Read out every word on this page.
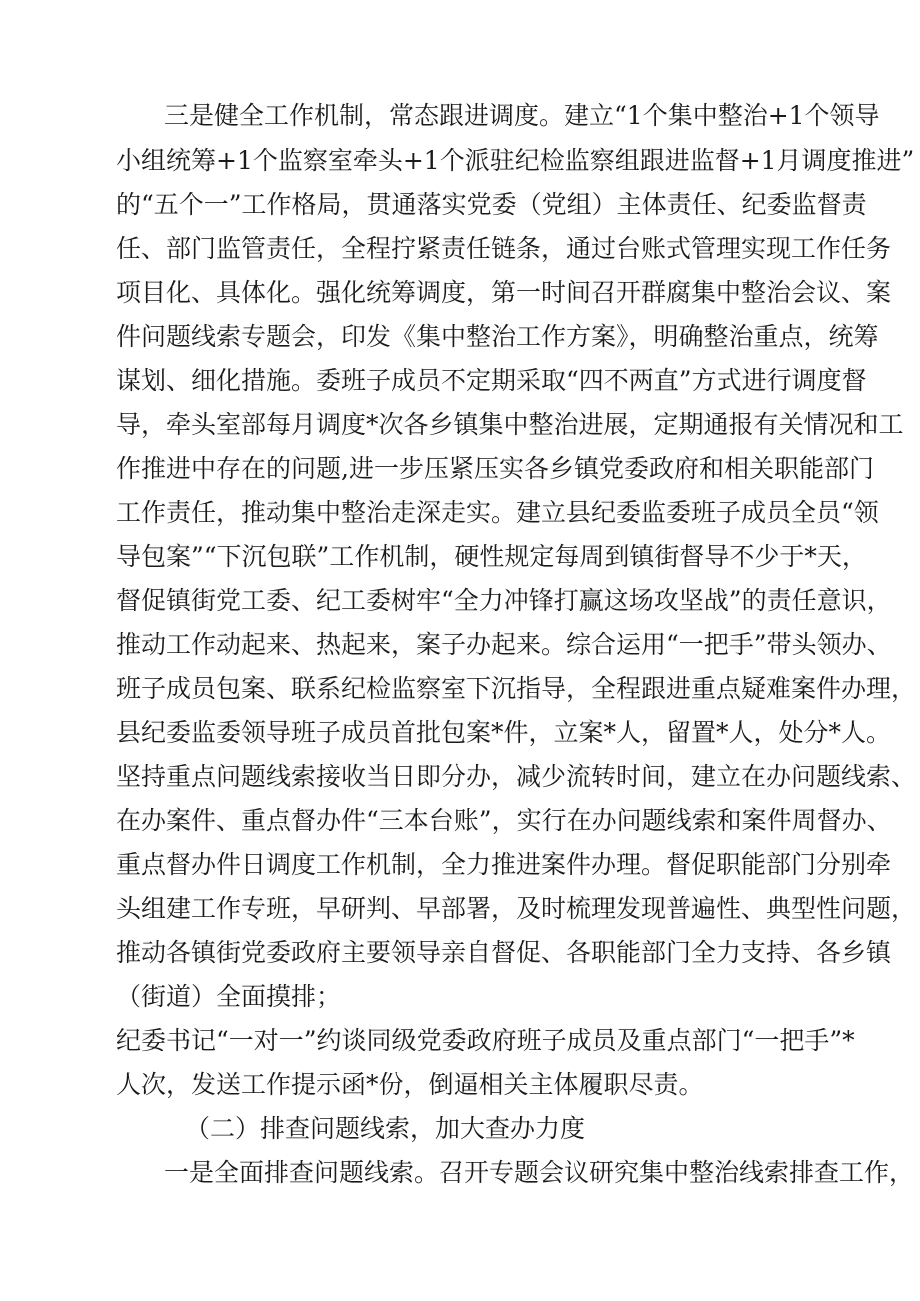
三是健全工作机制，常态跟进调度。建立“1个集中整治+1个领导
小组统筹+1个监察室牵头+1个派驻纪检监察组跟进监督+1月调度推进”
的“五个一”工作格局，贯通落实党委（党组）主体责任、纪委监督责
任、部门监管责任，全程拧紧责任链条，通过台账式管理实现工作任务
项目化、具体化。强化统筹调度，第一时间召开群腐集中整治会议、案
件问题线索专题会，印发《集中整治工作方案》，明确整治重点，统筹
谋划、细化措施。委班子成员不定期采取“四不两直”方式进行调度督
导，牵头室部每月调度*次各乡镇集中整治进展，定期通报有关情况和工
作推进中存在的问题,进一步压紧压实各乡镇党委政府和相关职能部门
工作责任，推动集中整治走深走实。建立县纪委监委班子成员全员“领
导包案”“下沉包联”工作机制，硬性规定每周到镇街督导不少于*天，
督促镇街党工委、纪工委树牢“全力冲锋打赢这场攻坚战”的责任意识，
推动工作动起来、热起来，案子办起来。综合运用“一把手”带头领办、
班子成员包案、联系纪检监察室下沉指导，全程跟进重点疑难案件办理，
县纪委监委领导班子成员首批包案*件，立案*人，留置*人，处分*人。
坚持重点问题线索接收当日即分办，减少流转时间，建立在办问题线索、
在办案件、重点督办件“三本台账”，实行在办问题线索和案件周督办、
重点督办件日调度工作机制，全力推进案件办理。督促职能部门分别牵
头组建工作专班，早研判、早部署，及时梳理发现普遍性、典型性问题，
推动各镇街党委政府主要领导亲自督促、各职能部门全力支持、各乡镇
（街道）全面摸排；
纪委书记“一对一”约谈同级党委政府班子成员及重点部门“一把手”*
人次，发送工作提示函*份，倒逼相关主体履职尽责。
（二）排查问题线索，加大查办力度
一是全面排查问题线索。召开专题会议研究集中整治线索排查工作，
